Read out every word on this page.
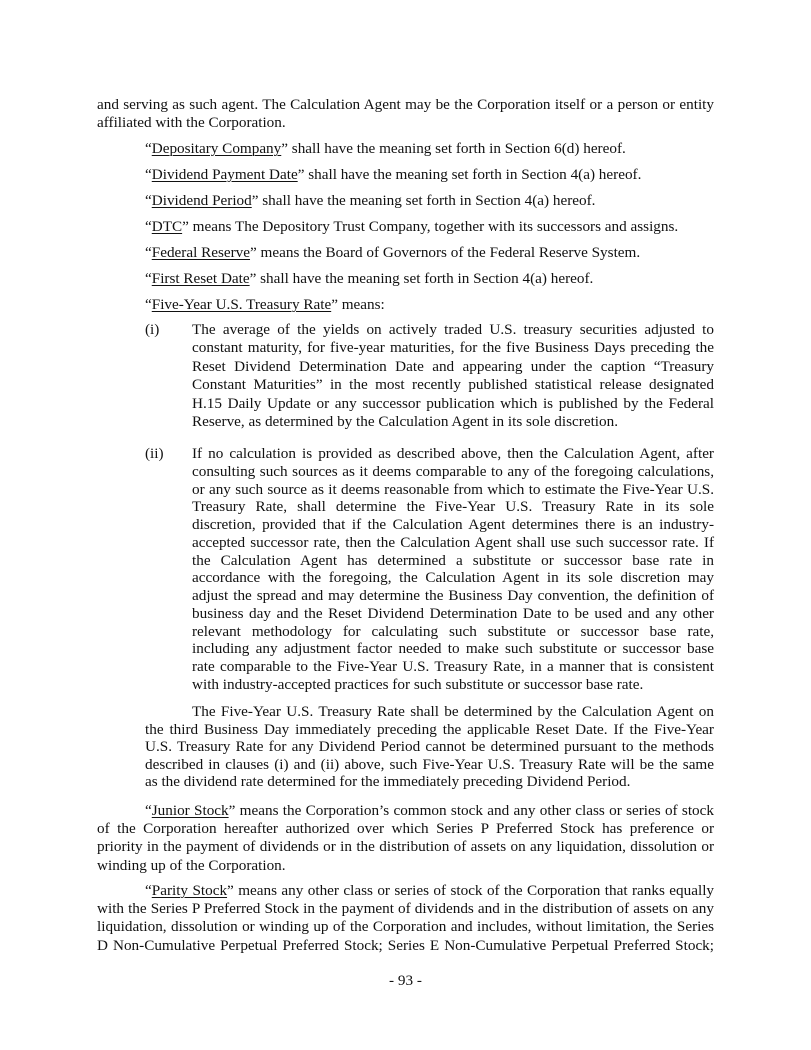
- 93 -
and serving as such agent. The Calculation Agent may be the Corporation itself or a person or entity
affiliated with the Corporation.
“Depositary Company” shall have the meaning set forth in Section 6(d) hereof.
“Dividend Payment Date” shall have the meaning set forth in Section 4(a) hereof.
“Dividend Period” shall have the meaning set forth in Section 4(a) hereof.
“DTC” means The Depository Trust Company, together with its successors and assigns.
“Federal Reserve” means the Board of Governors of the Federal Reserve System.
“First Reset Date” shall have the meaning set forth in Section 4(a) hereof.
“Five-Year U.S. Treasury Rate” means:
(i) The average of the yields on actively traded U.S. treasury securities adjusted to
constant maturity, for five-year maturities, for the five Business Days preceding the
Reset Dividend Determination Date and appearing under the caption “Treasury
Constant Maturities” in the most recently published statistical release designated
H.15 Daily Update or any successor publication which is published by the Federal
Reserve, as determined by the Calculation Agent in its sole discretion.
(ii) If no calculation is provided as described above, then the Calculation Agent, after
consulting such sources as it deems comparable to any of the foregoing calculations,
or any such source as it deems reasonable from which to estimate the Five-Year U.S.
Treasury Rate, shall determine the Five-Year U.S. Treasury Rate in its sole
discretion, provided that if the Calculation Agent determines there is an industry-
accepted successor rate, then the Calculation Agent shall use such successor rate. If
the Calculation Agent has determined a substitute or successor base rate in
accordance with the foregoing, the Calculation Agent in its sole discretion may
adjust the spread and may determine the Business Day convention, the definition of
business day and the Reset Dividend Determination Date to be used and any other
relevant methodology for calculating such substitute or successor base rate,
including any adjustment factor needed to make such substitute or successor base
rate comparable to the Five-Year U.S. Treasury Rate, in a manner that is consistent
with industry-accepted practices for such substitute or successor base rate.
The Five-Year U.S. Treasury Rate shall be determined by the Calculation Agent on
the third Business Day immediately preceding the applicable Reset Date. If the Five-Year
U.S. Treasury Rate for any Dividend Period cannot be determined pursuant to the methods
described in clauses (i) and (ii) above, such Five-Year U.S. Treasury Rate will be the same
as the dividend rate determined for the immediately preceding Dividend Period.
“Junior Stock” means the Corporation’s common stock and any other class or series of stock
of the Corporation hereafter authorized over which Series P Preferred Stock has preference or
priority in the payment of dividends or in the distribution of assets on any liquidation, dissolution or
winding up of the Corporation.
“Parity Stock” means any other class or series of stock of the Corporation that ranks equally
with the Series P Preferred Stock in the payment of dividends and in the distribution of assets on any
liquidation, dissolution or winding up of the Corporation and includes, without limitation, the Series
D Non-Cumulative Perpetual Preferred Stock; Series E Non-Cumulative Perpetual Preferred Stock;
